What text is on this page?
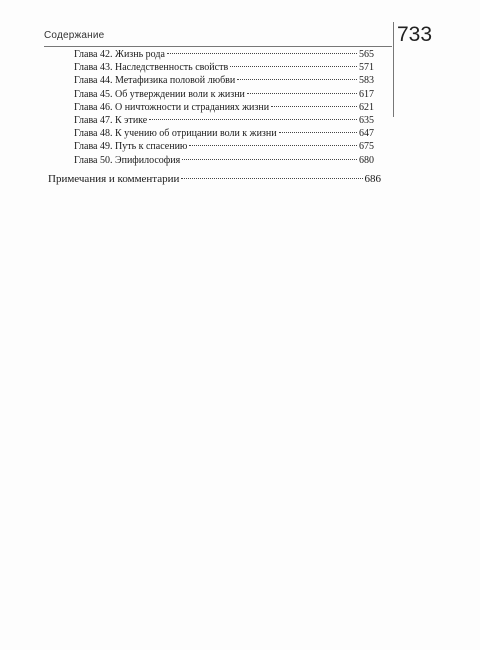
Содержание	733
Глава 42. Жизнь рода	565
Глава 43. Наследственность свойств	571
Глава 44. Метафизика половой любви	583
Глава 45. Об утверждении воли к жизни	617
Глава 46. О ничтожности и страданиях жизни	621
Глава 47. К этике	635
Глава 48. К учению об отрицании воли к жизни	647
Глава 49. Путь к спасению	675
Глава 50. Эпифилософия	680
Примечания и комментарии	686
